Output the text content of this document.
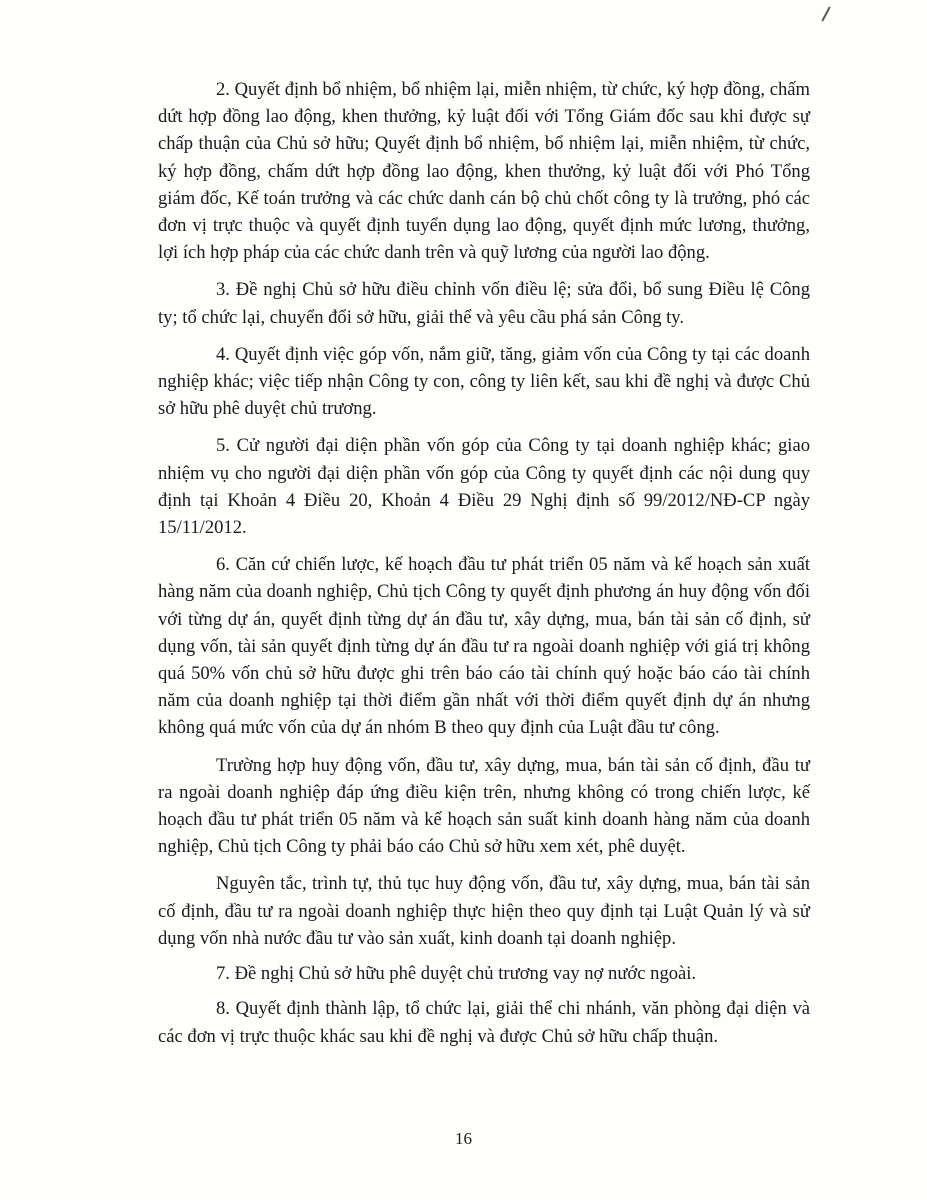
2. Quyết định bổ nhiệm, bổ nhiệm lại, miễn nhiệm, từ chức, ký hợp đồng, chấm dứt hợp đồng lao động, khen thưởng, kỷ luật đối với Tổng Giám đốc sau khi được sự chấp thuận của Chủ sở hữu; Quyết định bổ nhiệm, bổ nhiệm lại, miễn nhiệm, từ chức, ký hợp đồng, chấm dứt hợp đồng lao động, khen thưởng, kỷ luật đối với Phó Tổng giám đốc, Kế toán trưởng và các chức danh cán bộ chủ chốt công ty là trưởng, phó các đơn vị trực thuộc và quyết định tuyển dụng lao động, quyết định mức lương, thưởng, lợi ích hợp pháp của các chức danh trên và quỹ lương của người lao động.

3. Đề nghị Chủ sở hữu điều chỉnh vốn điều lệ; sửa đổi, bổ sung Điều lệ Công ty; tổ chức lại, chuyển đổi sở hữu, giải thể và yêu cầu phá sản Công ty.

4. Quyết định việc góp vốn, nắm giữ, tăng, giảm vốn của Công ty tại các doanh nghiệp khác; việc tiếp nhận Công ty con, công ty liên kết, sau khi đề nghị và được Chủ sở hữu phê duyệt chủ trương.

5. Cử người đại diện phần vốn góp của Công ty tại doanh nghiệp khác; giao nhiệm vụ cho người đại diện phần vốn góp của Công ty quyết định các nội dung quy định tại Khoản 4 Điều 20, Khoản 4 Điều 29 Nghị định số 99/2012/NĐ-CP ngày 15/11/2012.

6. Căn cứ chiến lược, kế hoạch đầu tư phát triển 05 năm và kế hoạch sản xuất hàng năm của doanh nghiệp, Chủ tịch Công ty quyết định phương án huy động vốn đối với từng dự án, quyết định từng dự án đầu tư, xây dựng, mua, bán tài sản cố định, sử dụng vốn, tài sản quyết định từng dự án đầu tư ra ngoài doanh nghiệp với giá trị không quá 50% vốn chủ sở hữu được ghi trên báo cáo tài chính quý hoặc báo cáo tài chính năm của doanh nghiệp tại thời điểm gần nhất với thời điểm quyết định dự án nhưng không quá mức vốn của dự án nhóm B theo quy định của Luật đầu tư công.

Trường hợp huy động vốn, đầu tư, xây dựng, mua, bán tài sản cố định, đầu tư ra ngoài doanh nghiệp đáp ứng điều kiện trên, nhưng không có trong chiến lược, kế hoạch đầu tư phát triển 05 năm và kế hoạch sản suất kinh doanh hàng năm của doanh nghiệp, Chủ tịch Công ty phải báo cáo Chủ sở hữu xem xét, phê duyệt.

Nguyên tắc, trình tự, thủ tục huy động vốn, đầu tư, xây dựng, mua, bán tài sản cố định, đầu tư ra ngoài doanh nghiệp thực hiện theo quy định tại Luật Quản lý và sử dụng vốn nhà nước đầu tư vào sản xuất, kinh doanh tại doanh nghiệp.

7. Đề nghị Chủ sở hữu phê duyệt chủ trương vay nợ nước ngoài.

8. Quyết định thành lập, tổ chức lại, giải thể chi nhánh, văn phòng đại diện và các đơn vị trực thuộc khác sau khi đề nghị và được Chủ sở hữu chấp thuận.

16
